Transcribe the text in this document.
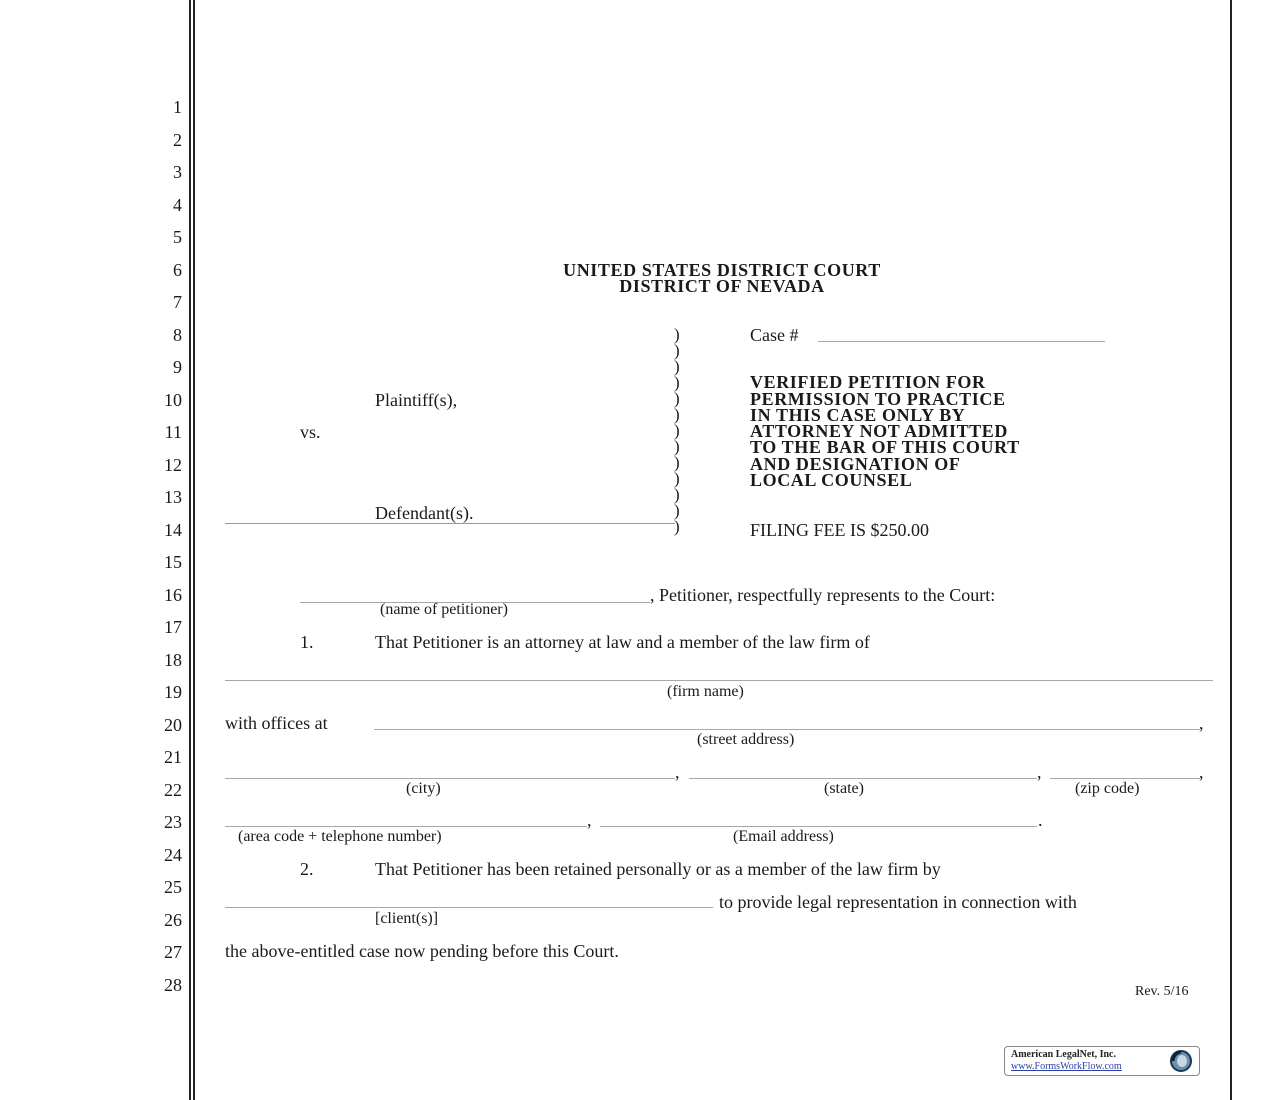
1
2
3
4
5
6
7
8
9
10
11
12
13
14
15
16
17
18
19
20
21
22
23
24
25
26
27
28
UNITED STATES DISTRICT COURT
DISTRICT OF NEVADA
Plaintiff(s),
vs.
Defendant(s).
)
)
)
)
)
)
)
)
)
)
)
)
)
Case #
VERIFIED PETITION FOR
PERMISSION TO PRACTICE
IN THIS CASE ONLY BY
ATTORNEY NOT ADMITTED
TO THE BAR OF THIS COURT
AND DESIGNATION OF
LOCAL COUNSEL
FILING FEE IS $250.00
, Petitioner, respectfully represents to the Court:
(name of petitioner)
1.	That Petitioner is an attorney at law and a member of the law firm of
(firm name)
with offices at	,
(street address)
,
(city)
,
(state)
,
(zip code)
,
(area code + telephone number)
.
(Email address)
2.	That Petitioner has been retained personally or as a member of the law firm by
to provide legal representation in connection with
[client(s)]
the above-entitled case now pending before this Court.
Rev. 5/16
American LegalNet, Inc.
www.FormsWorkFlow.com
